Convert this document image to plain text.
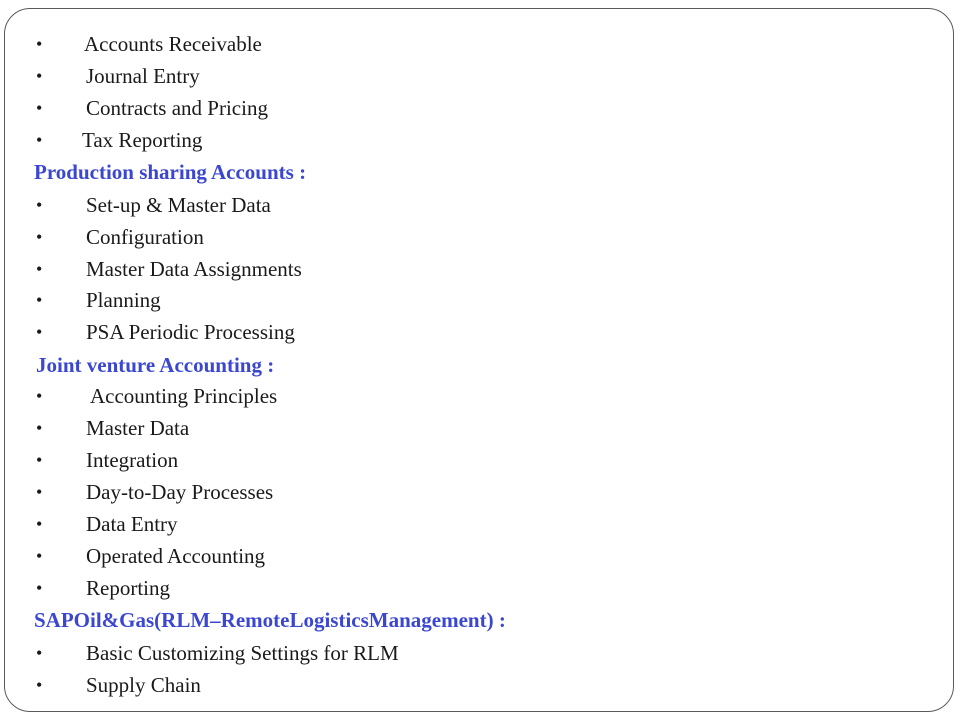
• Accounts Receivable
• Journal Entry
• Contracts and Pricing
• Tax Reporting
Production sharing Accounts :
• Set-up & Master Data
• Configuration
• Master Data Assignments
• Planning
• PSA Periodic Processing
Joint venture Accounting :
• Accounting Principles
• Master Data
• Integration
• Day-to-Day Processes
• Data Entry
• Operated Accounting
• Reporting
SAPOil&Gas(RLM–RemoteLogisticsManagement) :
• Basic Customizing Settings for RLM
• Supply Chain
